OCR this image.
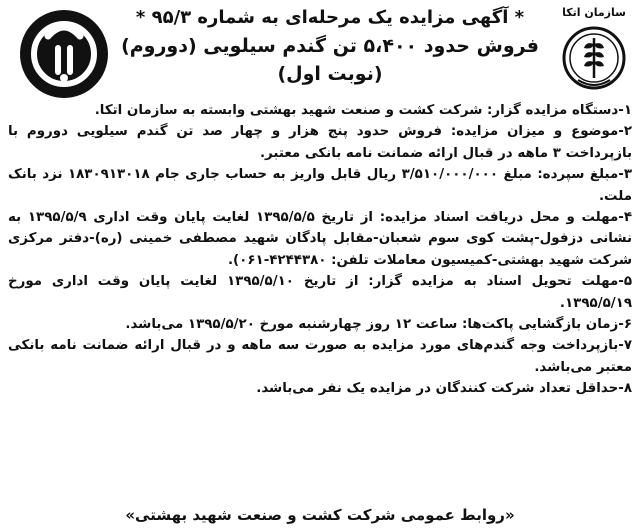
سازمان اتکا
* آگهی مزایده یک مرحله‌ای به شماره ۹۵/۳ *
فروش حدود ۵،۴۰۰ تن گندم سیلویی (دوروم)
(نوبت اول)

۱-دستگاه مزایده گزار: شرکت کشت و صنعت شهید بهشتی وابسته به سازمان اتکا.

۲-موضوع و میزان مزایده: فروش حدود پنج هزار و چهار صد تن گندم سیلویی دوروم با بازپرداخت ۳ ماهه در قبال ارائه ضمانت نامه بانکی معتبر.

۳-مبلغ سپرده: مبلغ ۳/۵۱۰/۰۰۰/۰۰۰ ریال قابل واریز به حساب جاری جام ۱۸۳۰۹۱۳۰۱۸ نزد بانک ملت.

۴-مهلت و محل دریافت اسناد مزایده: از تاریخ ۱۳۹۵/۵/۵ لغایت پایان وقت اداری ۱۳۹۵/۵/۹ به نشانی دزفول-پشت کوی سوم شعبان-مقابل پادگان شهید مصطفی خمینی (ره)-دفتر مرکزی شرکت شهید بهشتی-کمیسیون معاملات تلفن: ۴۲۴۴۳۸۰-۰۶۱).

۵-مهلت تحویل اسناد به مزایده گزار: از تاریخ ۱۳۹۵/۵/۱۰ لغایت پایان وقت اداری مورخ ۱۳۹۵/۵/۱۹.

۶-زمان بازگشایی پاکت‌ها: ساعت ۱۲ روز چهارشنبه مورخ ۱۳۹۵/۵/۲۰ می‌باشد.

۷-بازپرداخت وجه گندم‌های مورد مزایده به صورت سه ماهه و در قبال ارائه ضمانت نامه بانکی معتبر می‌باشد.

۸-حداقل تعداد شرکت کنندگان در مزایده یک نفر می‌باشد.

«روابط عمومی شرکت کشت و صنعت شهید بهشتی»
